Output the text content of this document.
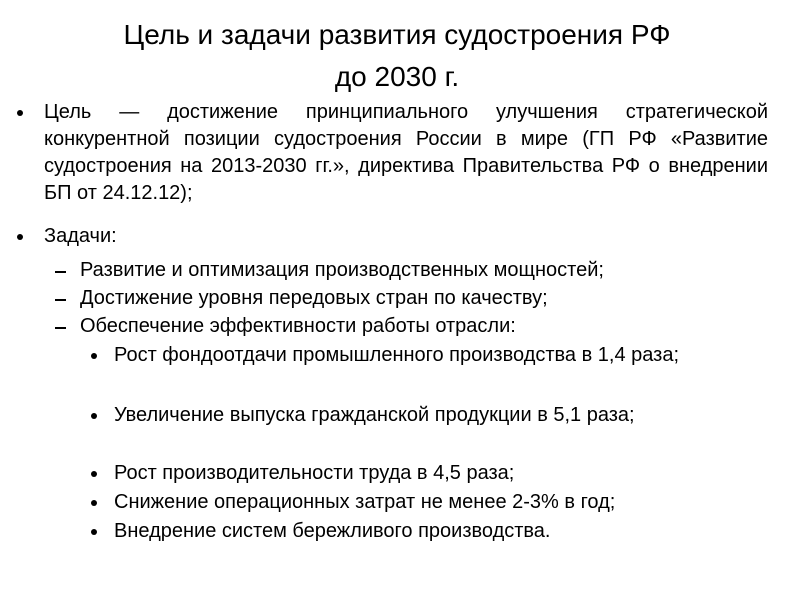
Цель и задачи развития судостроения РФ
до 2030 г.
Цель — достижение принципиального улучшения стратегической конкурентной позиции судостроения России в мире (ГП РФ «Развитие судостроения на 2013-2030 гг.», директива Правительства РФ о внедрении БП от 24.12.12);
Задачи:
Развитие и оптимизация производственных мощностей;
Достижение уровня передовых стран по качеству;
Обеспечение эффективности работы отрасли:
Рост фондоотдачи промышленного производства в 1,4 раза;
Увеличение выпуска гражданской продукции в 5,1 раза;
Рост производительности труда в 4,5 раза;
Снижение операционных затрат не менее 2-3% в год;
Внедрение систем бережливого производства.
